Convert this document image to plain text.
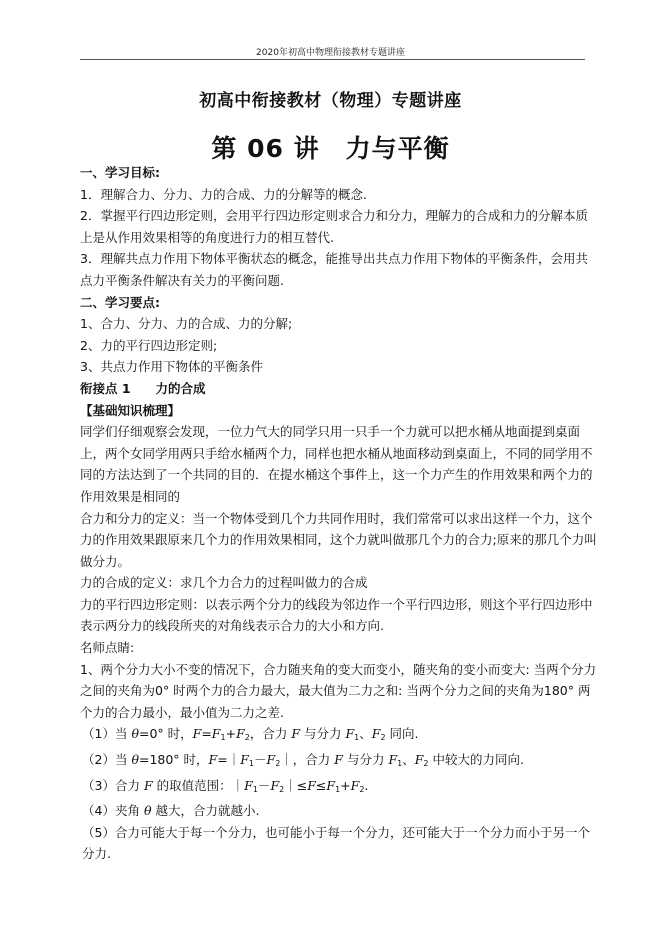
2020年初高中物理衔接教材专题讲座
初高中衔接教材（物理）专题讲座
第 06 讲 力与平衡

一、学习目标:

1．理解合力、分力、力的合成、力的分解等的概念.

2．掌握平行四边形定则，会用平行四边形定则求合力和分力，理解力的合成和力的分解本质上是从作用效果相等的角度进行力的相互替代.

3．理解共点力作用下物体平衡状态的概念，能推导出共点力作用下物体的平衡条件，会用共点力平衡条件解决有关力的平衡问题.

二、学习要点:

1、合力、分力、力的合成、力的分解;

2、力的平行四边形定则;

3、共点力作用下物体的平衡条件

衔接点 1　　力的合成

【基础知识梳理】

同学们仔细观察会发现，一位力气大的同学只用一只手一个力就可以把水桶从地面提到桌面上，两个女同学用两只手给水桶两个力，同样也把水桶从地面移动到桌面上，不同的同学用不同的方法达到了一个共同的目的．在提水桶这个事件上，这一个力产生的作用效果和两个力的作用效果是相同的

合力和分力的定义：当一个物体受到几个力共同作用时，我们常常可以求出这样一个力，这个力的作用效果跟原来几个力的作用效果相同，这个力就叫做那几个力的合力;原来的那几个力叫做分力。

力的合成的定义：求几个力合力的过程叫做力的合成

力的平行四边形定则：以表示两个分力的线段为邻边作一个平行四边形，则这个平行四边形中表示两分力的线段所夹的对角线表示合力的大小和方向.

名师点睛:

1、两个分力大小不变的情况下，合力随夹角的变大而变小，随夹角的变小而变大: 当两个分力之间的夹角为0° 时两个力的合力最大，最大值为二力之和: 当两个分力之间的夹角为180° 两个力的合力最小，最小值为二力之差.

（1）当 θ=0° 时，$F=F_1+F_2$，合力 F 与分力 $F_1$、$F_2$ 同向.

（2）当 θ=180° 时，$F=|F_1-F_2|$，合力 F 与分力 $F_1$、$F_2$ 中较大的力同向.

（3）合力 F 的取值范围：$|F_1-F_2|\le F\le F_1+F_2$.

（4）夹角 θ 越大，合力就越小.

（5）合力可能大于每一个分力，也可能小于每一个分力，还可能大于一个分力而小于另一个分力.
